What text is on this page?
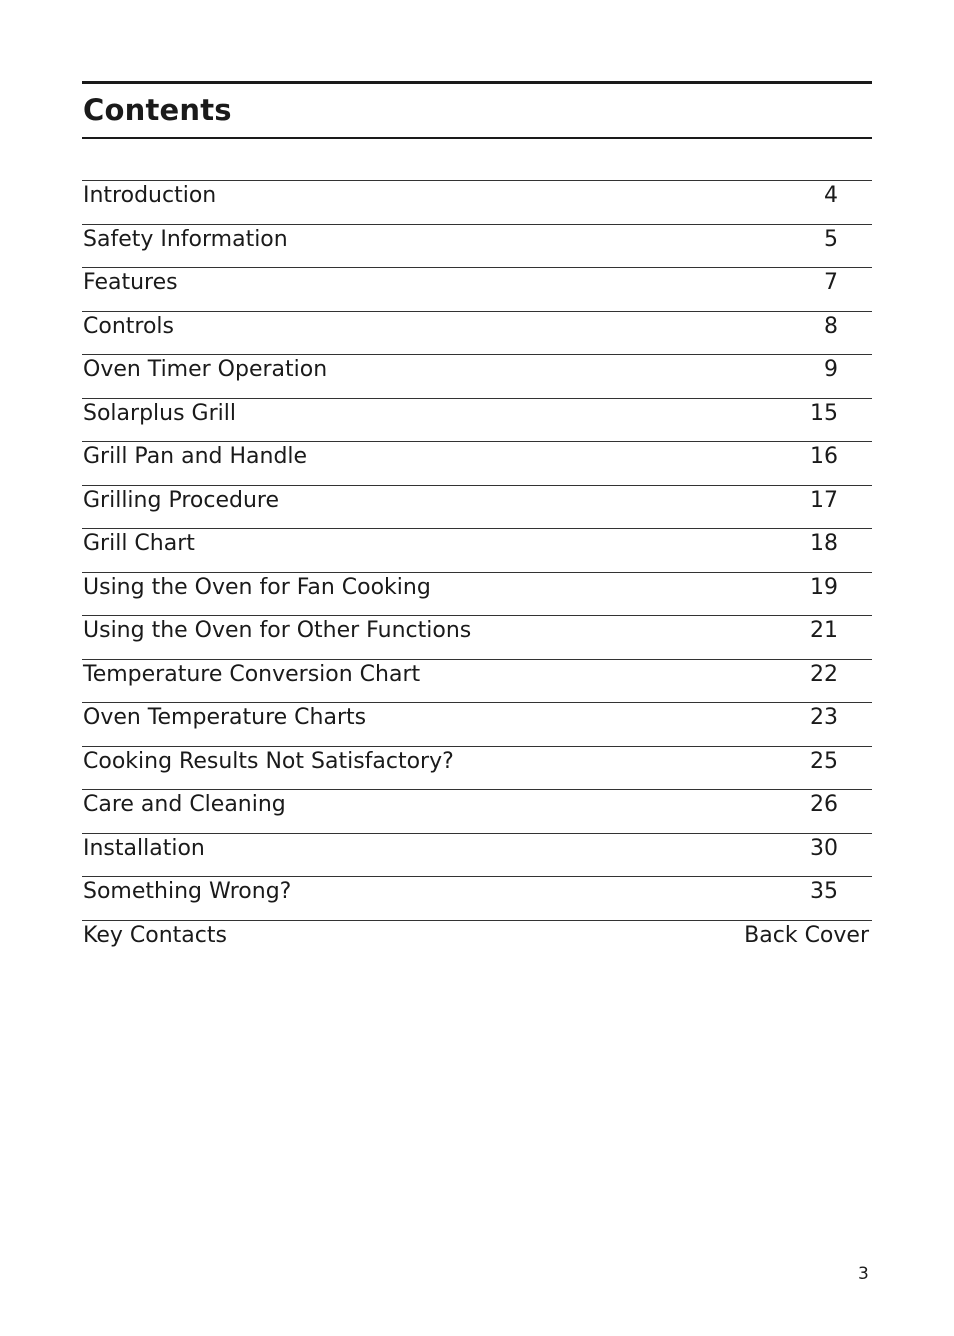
Contents
Introduction	4
Safety Information	5
Features	7
Controls	8
Oven Timer Operation	9
Solarplus Grill	15
Grill Pan and Handle	16
Grilling Procedure	17
Grill Chart	18
Using the Oven for Fan Cooking	19
Using the Oven for Other Functions	21
Temperature Conversion Chart	22
Oven Temperature Charts	23
Cooking Results Not Satisfactory?	25
Care and Cleaning	26
Installation	30
Something Wrong?	35
Key Contacts	Back Cover
3
